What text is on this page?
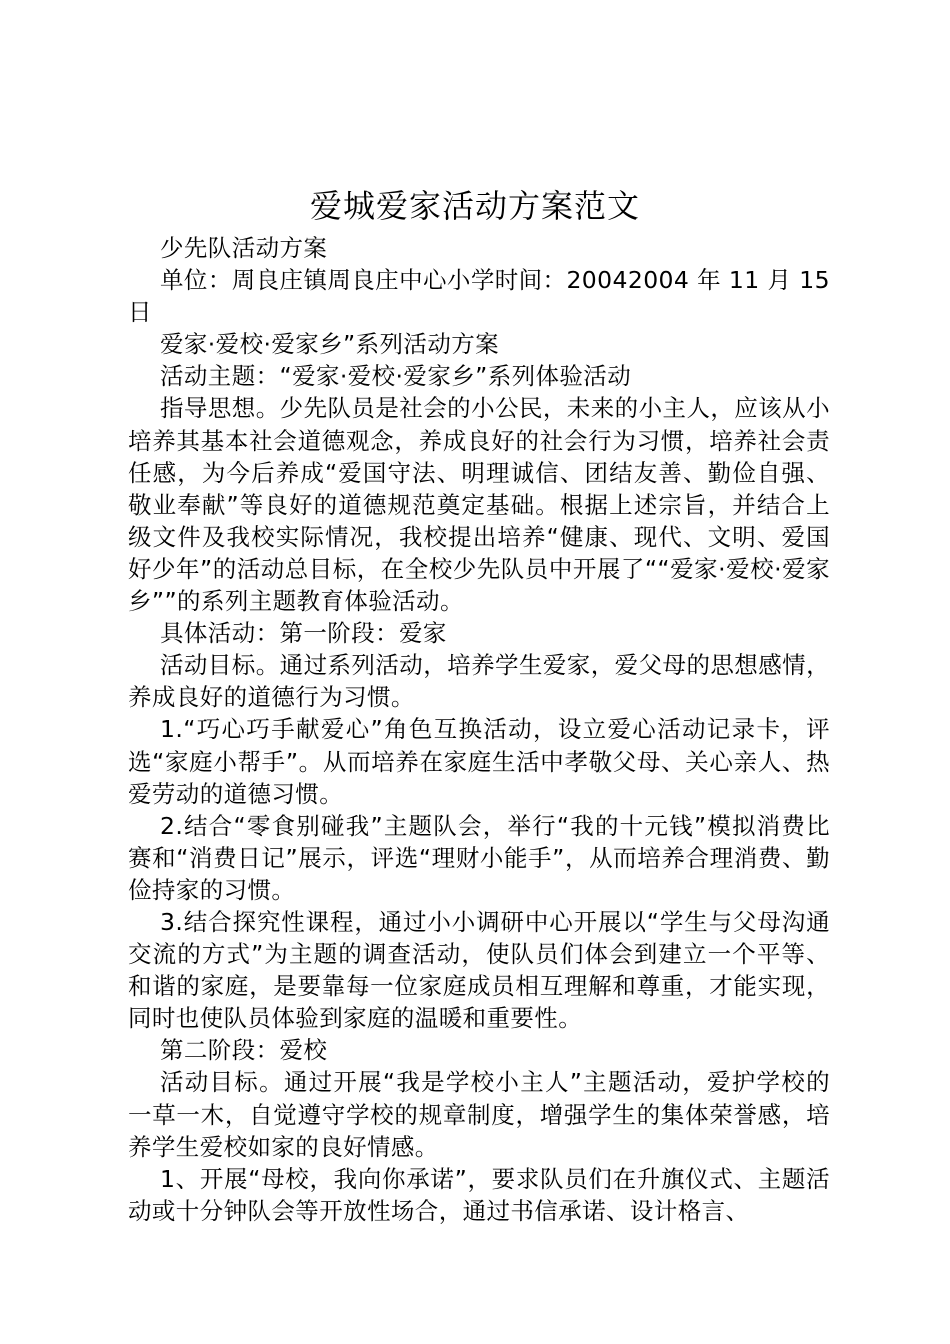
爱城爱家活动方案范文

少先队活动方案

单位：周良庄镇周良庄中心小学时间：20042004 年 11 月 15 日

爱家·爱校·爱家乡”系列活动方案

活动主题：“爱家·爱校·爱家乡”系列体验活动

指导思想。少先队员是社会的小公民，未来的小主人，应该从小培养其基本社会道德观念，养成良好的社会行为习惯，培养社会责任感，为今后养成“爱国守法、明理诚信、团结友善、勤俭自强、敬业奉献”等良好的道德规范奠定基础。根据上述宗旨，并结合上级文件及我校实际情况，我校提出培养“健康、现代、文明、爱国好少年”的活动总目标，在全校少先队员中开展了““爱家·爱校·爱家乡””的系列主题教育体验活动。

具体活动：第一阶段：爱家

活动目标。通过系列活动，培养学生爱家，爱父母的思想感情，养成良好的道德行为习惯。

1.“巧心巧手献爱心”角色互换活动，设立爱心活动记录卡，评选“家庭小帮手”。从而培养在家庭生活中孝敬父母、关心亲人、热爱劳动的道德习惯。

2.结合“零食别碰我”主题队会，举行“我的十元钱”模拟消费比赛和“消费日记”展示，评选“理财小能手”，从而培养合理消费、勤俭持家的习惯。

3.结合探究性课程，通过小小调研中心开展以“学生与父母沟通交流的方式”为主题的调查活动，使队员们体会到建立一个平等、和谐的家庭，是要靠每一位家庭成员相互理解和尊重，才能实现，同时也使队员体验到家庭的温暖和重要性。

第二阶段：爱校

活动目标。通过开展“我是学校小主人”主题活动，爱护学校的一草一木，自觉遵守学校的规章制度，增强学生的集体荣誉感，培养学生爱校如家的良好情感。

1、开展“母校，我向你承诺”，要求队员们在升旗仪式、主题活动或十分钟队会等开放性场合，通过书信承诺、设计格言、
